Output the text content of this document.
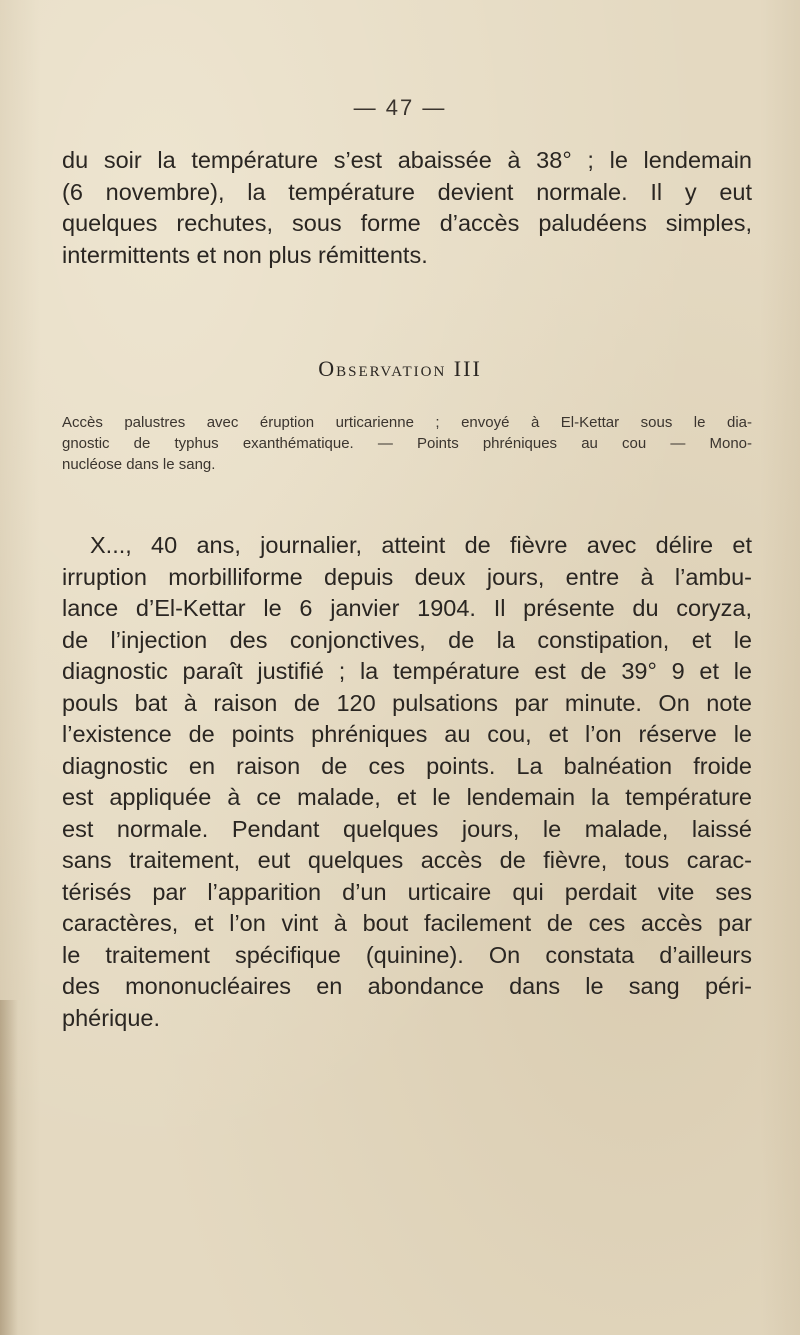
— 47 —
du soir la température s’est abaissée à 38° ; le lendemain
(6 novembre), la température devient normale. Il y eut
quelques rechutes, sous forme d’accès paludéens simples,
intermittents et non plus rémittents.
Observation III
Accès palustres avec éruption urticarienne ; envoyé à El-Kettar sous le dia-
gnostic de typhus exanthématique. — Points phréniques au cou — Mono-
nucléose dans le sang.
X..., 40 ans, journalier, atteint de fièvre avec délire et
irruption morbilliforme depuis deux jours, entre à l’ambu-
lance d’El-Kettar le 6 janvier 1904. Il présente du coryza,
de l’injection des conjonctives, de la constipation, et le
diagnostic paraît justifié ; la température est de 39° 9 et le
pouls bat à raison de 120 pulsations par minute. On note
l’existence de points phréniques au cou, et l’on réserve le
diagnostic en raison de ces points. La balnéation froide
est appliquée à ce malade, et le lendemain la température
est normale. Pendant quelques jours, le malade, laissé
sans traitement, eut quelques accès de fièvre, tous carac-
térisés par l’apparition d’un urticaire qui perdait vite ses
caractères, et l’on vint à bout facilement de ces accès par
le traitement spécifique (quinine). On constata d’ailleurs
des mononucléaires en abondance dans le sang péri-
phérique.
